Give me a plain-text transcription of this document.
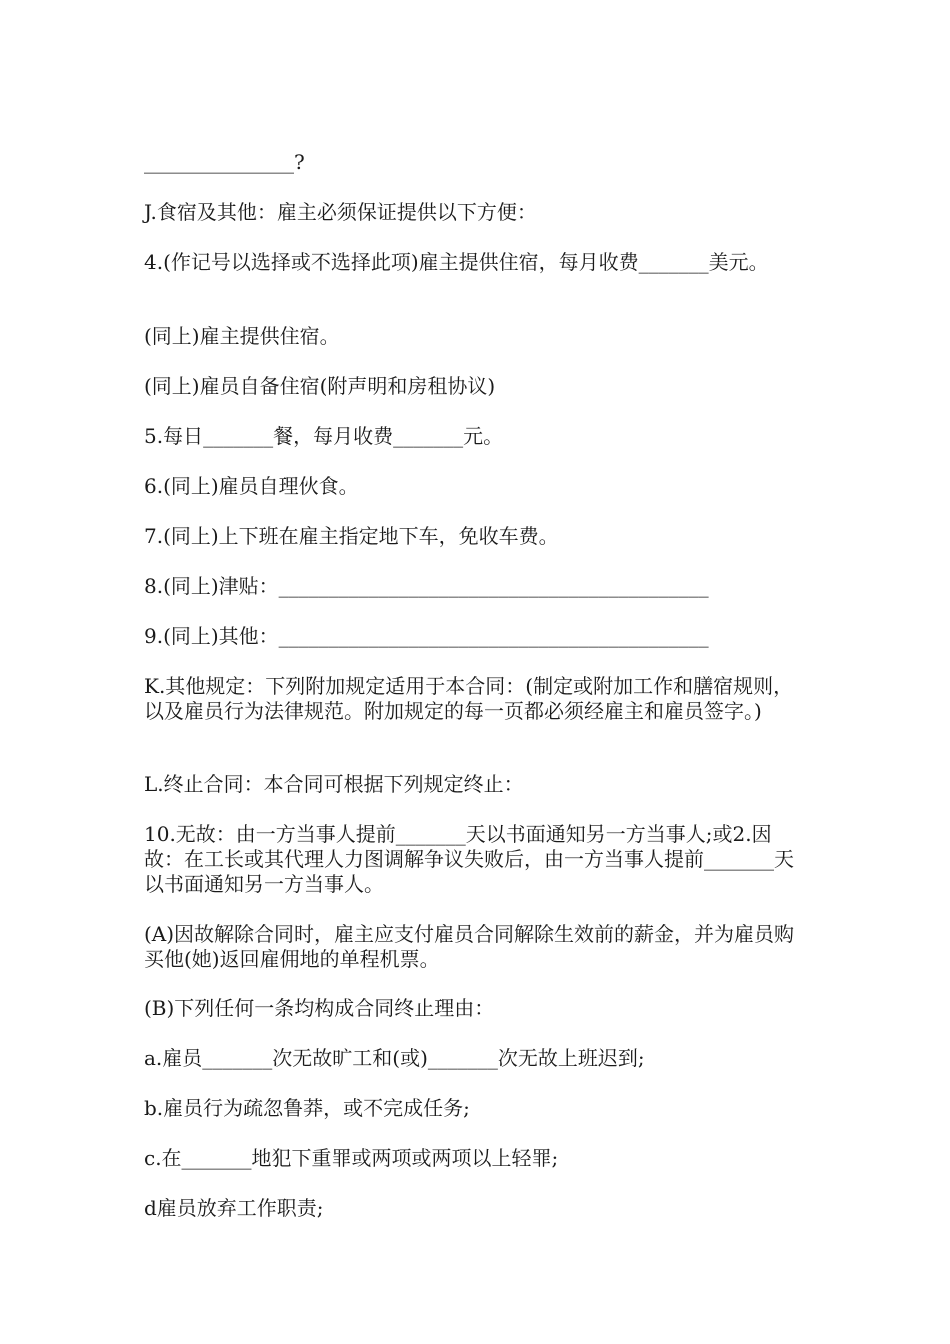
_______________?

J.食宿及其他：雇主必须保证提供以下方便：

4.(作记号以选择或不选择此项)雇主提供住宿，每月收费_______美元。

(同上)雇主提供住宿。

(同上)雇员自备住宿(附声明和房租协议)

5.每日_______餐，每月收费_______元。

6.(同上)雇员自理伙食。

7.(同上)上下班在雇主指定地下车，免收车费。

8.(同上)津贴：___________________________________________

9.(同上)其他：___________________________________________

K.其他规定：下列附加规定适用于本合同：(制定或附加工作和膳宿规则，以及雇员行为法律规范。附加规定的每一页都必须经雇主和雇员签字。)

L.终止合同：本合同可根据下列规定终止：

10.无故：由一方当事人提前_______天以书面通知另一方当事人;或2.因故：在工长或其代理人力图调解争议失败后，由一方当事人提前_______天以书面通知另一方当事人。

(A)因故解除合同时，雇主应支付雇员合同解除生效前的薪金，并为雇员购买他(她)返回雇佣地的单程机票。

(B)下列任何一条均构成合同终止理由：

a.雇员_______次无故旷工和(或)_______次无故上班迟到;

b.雇员行为疏忽鲁莽，或不完成任务;

c.在_______地犯下重罪或两项或两项以上轻罪;

d雇员放弃工作职责;
